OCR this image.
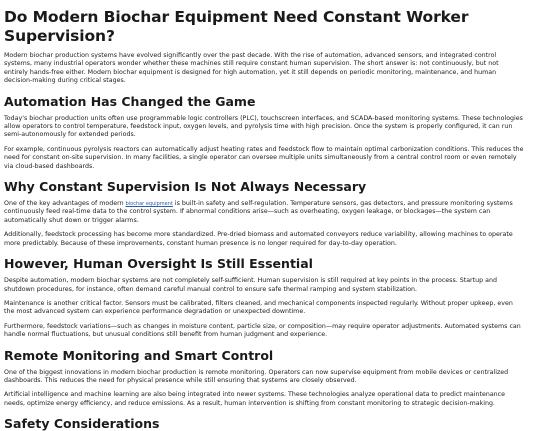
Do Modern Biochar Equipment Need Constant Worker Supervision?

Modern biochar production systems have evolved significantly over the past decade. With the rise of automation, advanced sensors, and integrated control systems, many industrial operators wonder whether these machines still require constant human supervision. The short answer is: not continuously, but not entirely hands-free either. Modern biochar equipment is designed for high automation, yet it still depends on periodic monitoring, maintenance, and human decision-making during critical stages.

Automation Has Changed the Game

Today's biochar production units often use programmable logic controllers (PLC), touchscreen interfaces, and SCADA-based monitoring systems. These technologies allow operators to control temperature, feedstock input, oxygen levels, and pyrolysis time with high precision. Once the system is properly configured, it can run semi-autonomously for extended periods.

For example, continuous pyrolysis reactors can automatically adjust heating rates and feedstock flow to maintain optimal carbonization conditions. This reduces the need for constant on-site supervision. In many facilities, a single operator can oversee multiple units simultaneously from a central control room or even remotely via cloud-based dashboards.

Why Constant Supervision Is Not Always Necessary

One of the key advantages of modern biochar equipment is built-in safety and self-regulation. Temperature sensors, gas detectors, and pressure monitoring systems continuously feed real-time data to the control system. If abnormal conditions arise—such as overheating, oxygen leakage, or blockages—the system can automatically shut down or trigger alarms.

Additionally, feedstock processing has become more standardized. Pre-dried biomass and automated conveyors reduce variability, allowing machines to operate more predictably. Because of these improvements, constant human presence is no longer required for day-to-day operation.

However, Human Oversight Is Still Essential

Despite automation, modern biochar systems are not completely self-sufficient. Human supervision is still required at key points in the process. Startup and shutdown procedures, for instance, often demand careful manual control to ensure safe thermal ramping and system stabilization.

Maintenance is another critical factor. Sensors must be calibrated, filters cleaned, and mechanical components inspected regularly. Without proper upkeep, even the most advanced system can experience performance degradation or unexpected downtime.

Furthermore, feedstock variations—such as changes in moisture content, particle size, or composition—may require operator adjustments. Automated systems can handle normal fluctuations, but unusual conditions still benefit from human judgment and experience.

Remote Monitoring and Smart Control

One of the biggest innovations in modern biochar production is remote monitoring. Operators can now supervise equipment from mobile devices or centralized dashboards. This reduces the need for physical presence while still ensuring that systems are closely observed.

Artificial intelligence and machine learning are also being integrated into newer systems. These technologies analyze operational data to predict maintenance needs, optimize energy efficiency, and reduce emissions. As a result, human intervention is shifting from constant monitoring to strategic decision-making.

Safety Considerations
